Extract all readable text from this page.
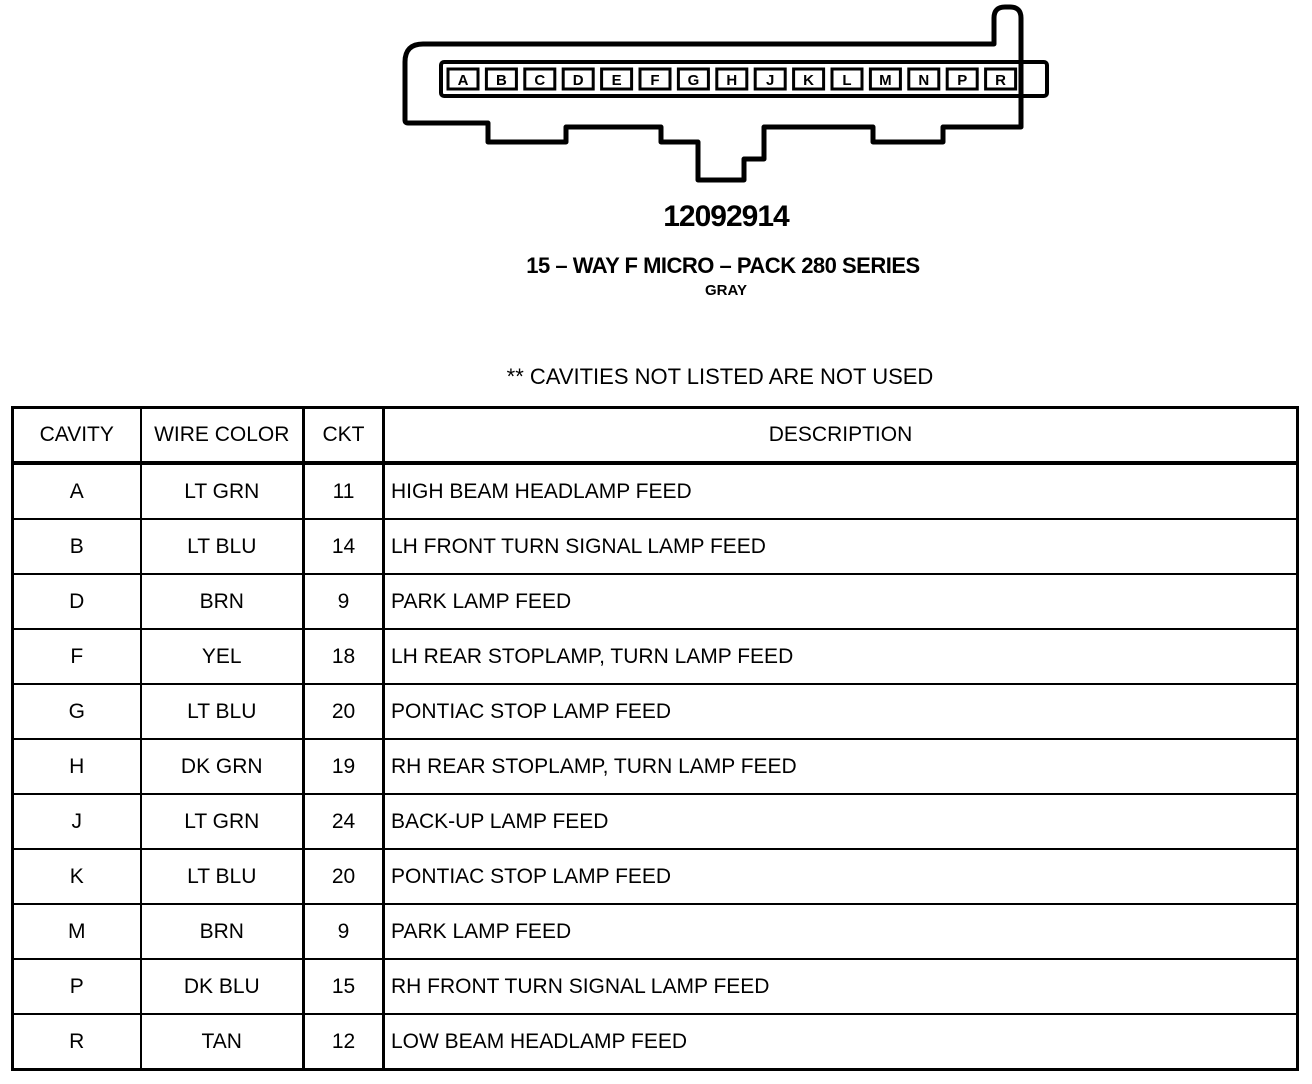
A B C D E F G H J K L M N P R
12092914
15 – WAY F MICRO – PACK 280 SERIES
GRAY
** CAVITIES NOT LISTED ARE NOT USED
CAVITY	WIRE COLOR	CKT	DESCRIPTION
A	LT GRN	11	HIGH BEAM HEADLAMP FEED
B	LT BLU	14	LH FRONT TURN SIGNAL LAMP FEED
D	BRN	9	PARK LAMP FEED
F	YEL	18	LH REAR STOPLAMP, TURN LAMP FEED
G	LT BLU	20	PONTIAC STOP LAMP FEED
H	DK GRN	19	RH REAR STOPLAMP, TURN LAMP FEED
J	LT GRN	24	BACK-UP LAMP FEED
K	LT BLU	20	PONTIAC STOP LAMP FEED
M	BRN	9	PARK LAMP FEED
P	DK BLU	15	RH FRONT TURN SIGNAL LAMP FEED
R	TAN	12	LOW BEAM HEADLAMP FEED
